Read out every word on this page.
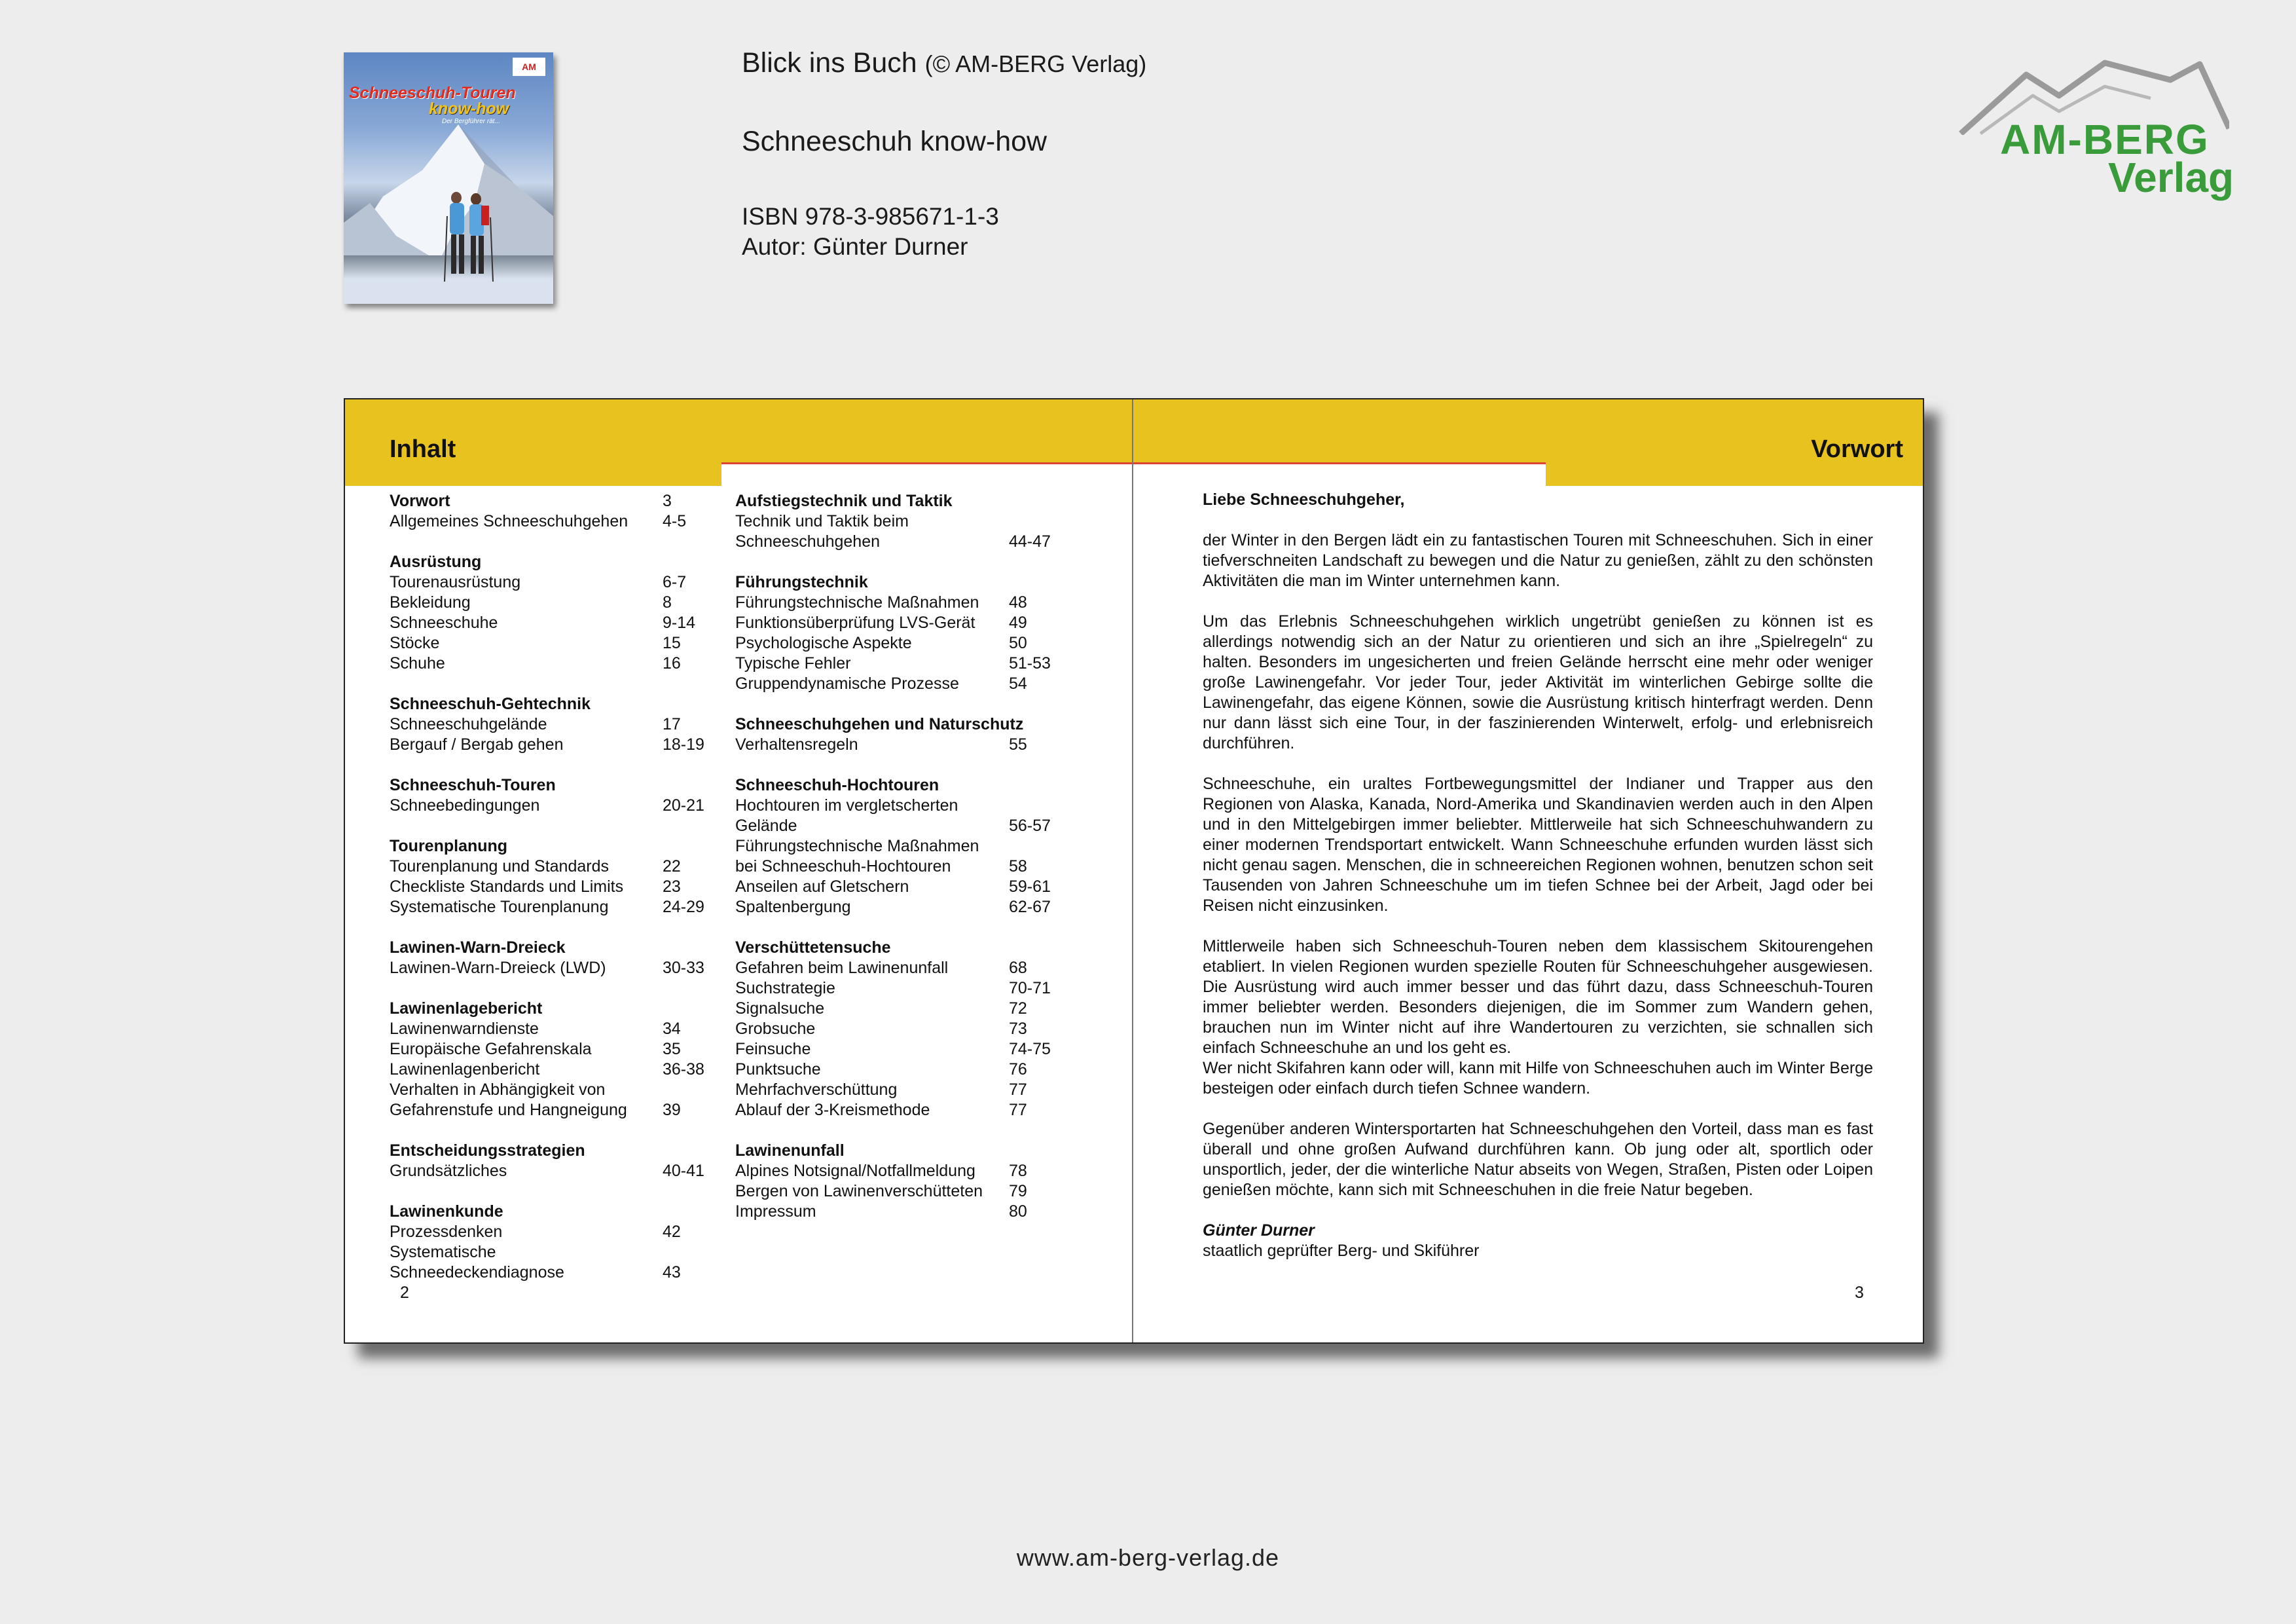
AM
Schneeschuh-Touren
know-how
Der Bergführer rät...
Blick ins Buch (© AM-BERG Verlag)
Schneeschuh know-how
ISBN 978-3-985671-1-3
Autor: Günter Durner
AM-BERG
Verlag
Inhalt	Vorwort
Vorwort	3
Allgemeines Schneeschuhgehen 4-5
Ausrüstung
Tourenausrüstung	6-7
Bekleidung	8
Schneeschuhe	9-14
Stöcke	15
Schuhe	16
Schneeschuh-Gehtechnik
Schneeschuhgelände	17
Bergauf / Bergab gehen	18-19
Schneeschuh-Touren
Schneebedingungen	20-21
Tourenplanung
Tourenplanung und Standards	22
Checkliste Standards und Limits 23
Systematische Tourenplanung	24-29
Lawinen-Warn-Dreieck
Lawinen-Warn-Dreieck (LWD)	30-33
Lawinenlagebericht
Lawinenwarndienste	34
Europäische Gefahrenskala	35
Lawinenlagenbericht	36-38
Verhalten in Abhängigkeit von
Gefahrenstufe und Hangneigung 39
Entscheidungsstrategien
Grundsätzliches	40-41
Lawinenkunde
Prozessdenken	42
Systematische
Schneedeckendiagnose	43
Aufstiegstechnik und Taktik
Technik und Taktik beim
Schneeschuhgehen	44-47
Führungstechnik
Führungstechnische Maßnahmen 48
Funktionsüberprüfung LVS-Gerät 49
Psychologische Aspekte	50
Typische Fehler	51-53
Gruppendynamische Prozesse	54
Schneeschuhgehen und Naturschutz
Verhaltensregeln	55
Schneeschuh-Hochtouren
Hochtouren im vergletscherten
Gelände	56-57
Führungstechnische Maßnahmen
bei Schneeschuh-Hochtouren	58
Anseilen auf Gletschern	59-61
Spaltenbergung	62-67
Verschüttetensuche
Gefahren beim Lawinenunfall	68
Suchstrategie	70-71
Signalsuche	72
Grobsuche	73
Feinsuche	74-75
Punktsuche	76
Mehrfachverschüttung	77
Ablauf der 3-Kreismethode	77
Lawinenunfall
Alpines Notsignal/Notfallmeldung 78
Bergen von Lawinenverschütteten 79
Impressum	80
2

Liebe Schneeschuhgeher,

der Winter in den Bergen lädt ein zu fantastischen Touren mit Schneeschuhen. Sich in einer tiefverschneiten Landschaft zu bewegen und die Natur zu genießen, zählt zu den schönsten Aktivitäten die man im Winter unternehmen kann.

Um das Erlebnis Schneeschuhgehen wirklich ungetrübt genießen zu können ist es allerdings notwendig sich an der Natur zu orientieren und sich an ihre „Spielregeln“ zu halten. Besonders im ungesicherten und freien Gelände herrscht eine mehr oder weniger große Lawinengefahr. Vor jeder Tour, jeder Aktivität im winterlichen Gebirge sollte die Lawinengefahr, das eigene Können, sowie die Ausrüstung kritisch hinterfragt werden. Denn nur dann lässt sich eine Tour, in der faszinierenden Winterwelt, erfolg- und erlebnisreich durchführen.

Schneeschuhe, ein uraltes Fortbewegungsmittel der Indianer und Trapper aus den Regionen von Alaska, Kanada, Nord-Amerika und Skandinavien werden auch in den Alpen und in den Mittelgebirgen immer beliebter. Mittlerweile hat sich Schneeschuhwandern zu einer modernen Trendsportart entwickelt. Wann Schneeschuhe erfunden wurden lässt sich nicht genau sagen. Menschen, die in schneereichen Regionen wohnen, benutzen schon seit Tausenden von Jahren Schneeschuhe um im tiefen Schnee bei der Arbeit, Jagd oder bei Reisen nicht einzusinken.

Mittlerweile haben sich Schneeschuh-Touren neben dem klassischem Skitourengehen etabliert. In vielen Regionen wurden spezielle Routen für Schneeschuhgeher ausgewiesen. Die Ausrüstung wird auch immer besser und das führt dazu, dass Schneeschuh-Touren immer beliebter werden. Besonders diejenigen, die im Sommer zum Wandern gehen, brauchen nun im Winter nicht auf ihre Wandertouren zu verzichten, sie schnallen sich einfach Schneeschuhe an und los geht es.

Wer nicht Skifahren kann oder will, kann mit Hilfe von Schneeschuhen auch im Winter Berge besteigen oder einfach durch tiefen Schnee wandern.

Gegenüber anderen Wintersportarten hat Schneeschuhgehen den Vorteil, dass man es fast überall und ohne großen Aufwand durchführen kann. Ob jung oder alt, sportlich oder unsportlich, jeder, der die winterliche Natur abseits von Wegen, Straßen, Pisten oder Loipen genießen möchte, kann sich mit Schneeschuhen in die freie Natur begeben.

Günter Durner

staatlich geprüfter Berg- und Skiführer

3
www.am-berg-verlag.de
